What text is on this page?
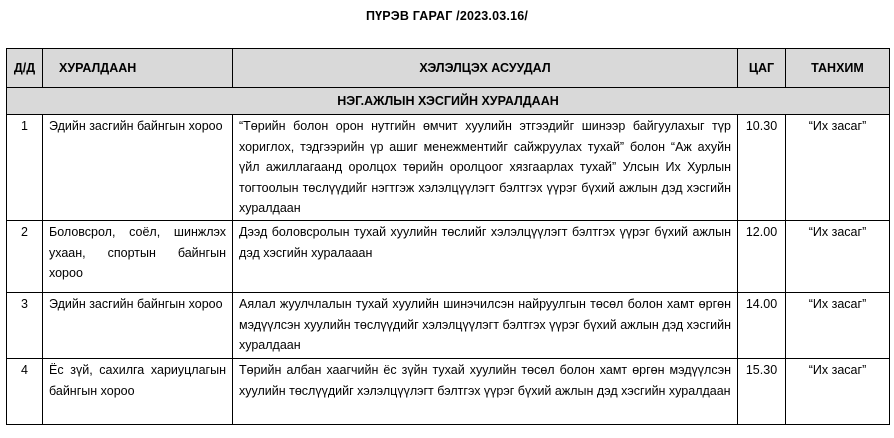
ПҮРЭВ ГАРАГ /2023.03.16/
Д/Д	ХУРАЛДААН	ХЭЛЭЛЦЭХ АСУУДАЛ	ЦАГ	ТАНХИМ
НЭГ.АЖЛЫН ХЭСГИЙН ХУРАЛДААН				
1	Эдийн засгийн байнгын хороо	“Төрийн болон орон нутгийн өмчит хуулийн этгээдийг шинээр байгуулахыг түр хориглох, тэдгээрийн үр ашиг менежментийг сайжруулах тухай” болон “Аж ахуйн үйл ажиллагаанд оролцох төрийн оролцоог хязгаарлах тухай” Улсын Их Хурлын тогтоолын төслүүдийг нэгтгэж хэлэлцүүлэгт бэлтгэх үүрэг бүхий ажлын дэд хэсгийн хуралдаан	10.30	“Их засаг”
2	Боловсрол, соёл, шинжлэх ухаан, спортын байнгын хороо	Дээд боловсролын тухай хуулийн төслийг хэлэлцүүлэгт бэлтгэх үүрэг бүхий ажлын дэд хэсгийн хуралааан	12.00	“Их засаг”
3	Эдийн засгийн байнгын хороо	Аялал жуулчлалын тухай хуулийн шинэчилсэн найруулгын төсөл болон хамт өргөн мэдүүлсэн хуулийн төслүүдийг хэлэлцүүлэгт бэлтгэх үүрэг бүхий ажлын дэд хэсгийн хуралдаан	14.00	“Их засаг”
4	Ёс зүй, сахилга хариуцлагын байнгын хороо	Төрийн албан хаагчийн ёс зүйн тухай хуулийн төсөл болон хамт өргөн мэдүүлсэн хуулийн төслүүдийг хэлэлцүүлэгт бэлтгэх үүрэг бүхий ажлын дэд хэсгийн хуралдаан	15.30	“Их засаг”
